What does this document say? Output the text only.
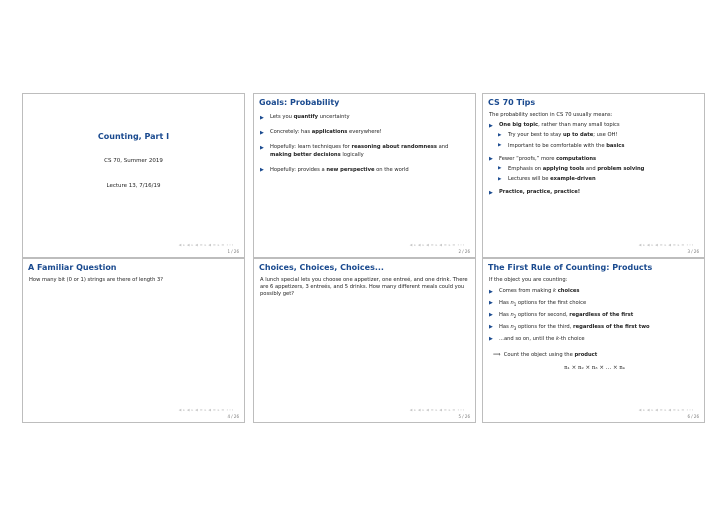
Counting, Part I
CS 70, Summer 2019
Lecture 13, 7/16/19
◀ ▸ ◀ ▸ ◀ ≡ ▸ ◀ ≡ ▸ ≡ ∙∘∙
1 / 26
Goals: Probability
▶ Lets you quantify uncertainty
▶ Concretely: has applications everywhere!
▶ Hopefully: learn techniques for reasoning about randomness and making better decisions logically
▶ Hopefully: provides a new perspective on the world
◀ ▸ ◀ ▸ ◀ ≡ ▸ ◀ ≡ ▸ ≡ ∙∘∙
2 / 26
CS 70 Tips
The probability section in CS 70 usually means:
▶ One big topic, rather than many small topics
▶ Try your best to stay up to date; use OH!
▶ Important to be comfortable with the basics
▶ Fewer “proofs,” more computations
▶ Emphasis on applying tools and problem solving
▶ Lectures will be example-driven
▶ Practice, practice, practice!
◀ ▸ ◀ ▸ ◀ ≡ ▸ ◀ ≡ ▸ ≡ ∙∘∙
3 / 26
A Familiar Question
How many bit (0 or 1) strings are there of length 3?
◀ ▸ ◀ ▸ ◀ ≡ ▸ ◀ ≡ ▸ ≡ ∙∘∙
4 / 26
Choices, Choices, Choices...
A lunch special lets you choose one appetizer, one entreé, and one drink. There are 6 appetizers, 3 entreés, and 5 drinks. How many different meals could you possibly get?
◀ ▸ ◀ ▸ ◀ ≡ ▸ ◀ ≡ ▸ ≡ ∙∘∙
5 / 26
The First Rule of Counting: Products
If the object you are counting:
▶ Comes from making k choices
▶ Has $n_1$ options for the first choice
▶ Has $n_2$ options for second, regardless of the first
▶ Has $n_3$ options for the third, regardless of the first two
▶ ...and so on, until the k-th choice
⟹ Count the object using the product
n₁ × n₂ × n₃ × … × nₖ
◀ ▸ ◀ ▸ ◀ ≡ ▸ ◀ ≡ ▸ ≡ ∙∘∙
6 / 26
